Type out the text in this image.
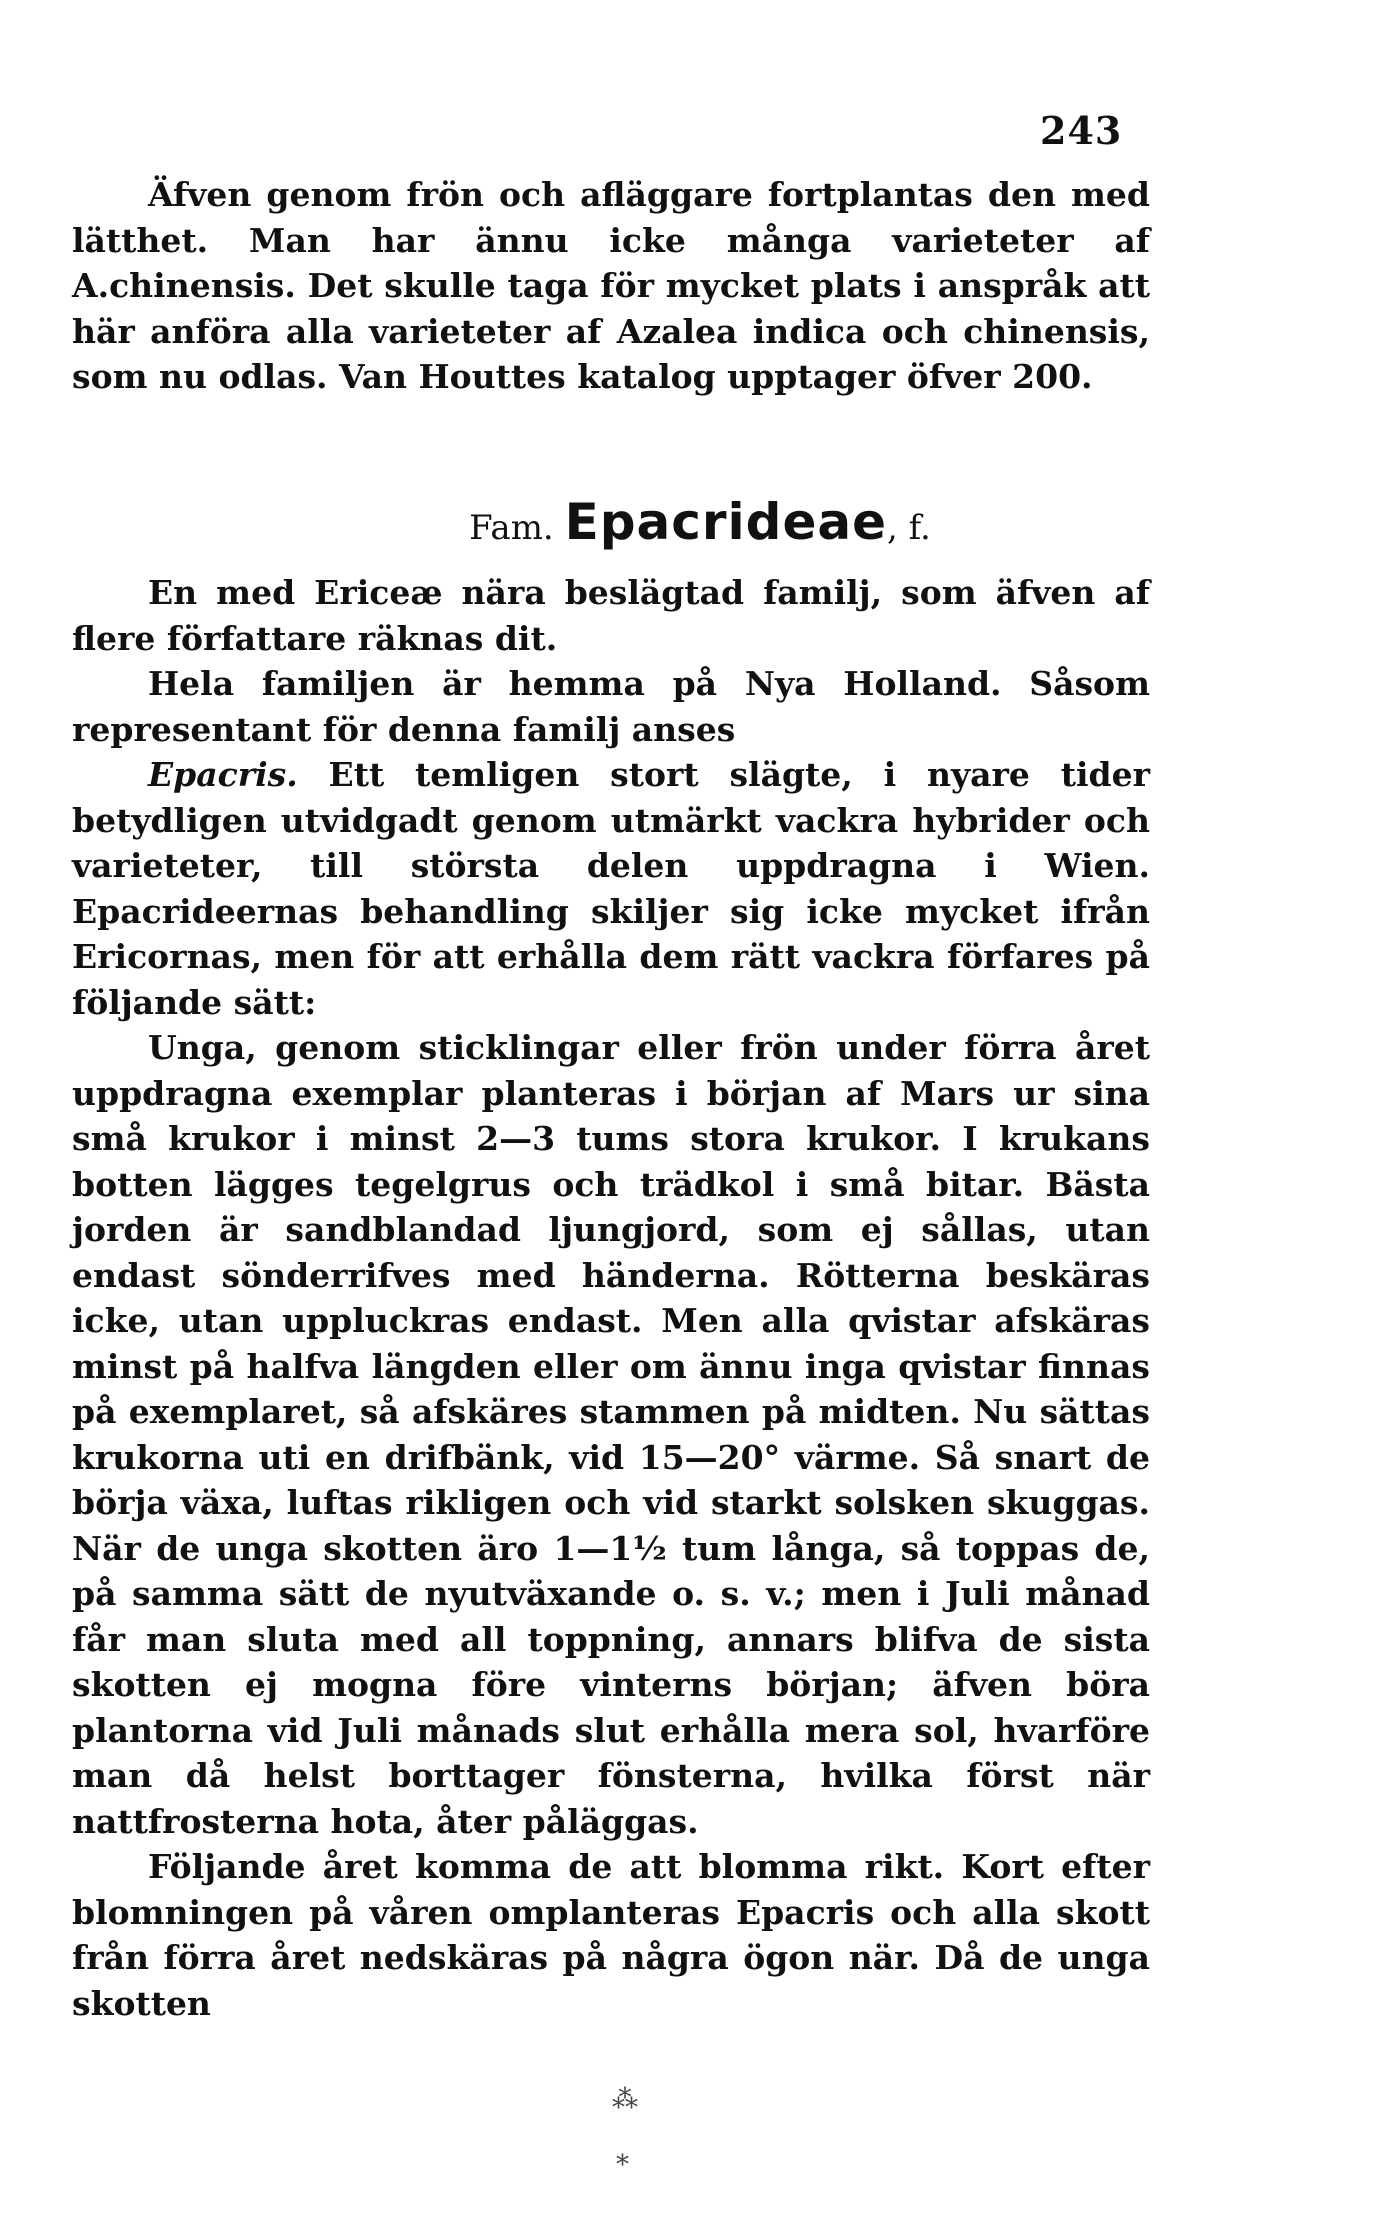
243

Äfven genom frön och afläggare fortplantas den med lätthet. Man har ännu icke många varieteter af A.chinensis. Det skulle taga för mycket plats i anspråk att här anföra alla varieteter af Azalea indica och chinensis, som nu odlas. Van Houttes katalog upptager öfver 200.

Fam. Epacrideae, f.

En med Ericeæ nära beslägtad familj, som äfven af flere författare räknas dit.

Hela familjen är hemma på Nya Holland. Såsom representant för denna familj anses

Epacris. Ett temligen stort slägte, i nyare tider betydligen utvidgadt genom utmärkt vackra hybrider och varieteter, till största delen uppdragna i Wien. Epacrideernas behandling skiljer sig icke mycket ifrån Ericornas, men för att erhålla dem rätt vackra förfares på följande sätt:

Unga, genom sticklingar eller frön under förra året uppdragna exemplar planteras i början af Mars ur sina små krukor i minst 2—3 tums stora krukor. I krukans botten lägges tegelgrus och trädkol i små bitar. Bästa jorden är sandblandad ljungjord, som ej sållas, utan endast sönderrifves med händerna. Rötterna beskäras icke, utan uppluckras endast. Men alla qvistar afskäras minst på halfva längden eller om ännu inga qvistar finnas på exemplaret, så afskäres stammen på midten. Nu sättas krukorna uti en drifbänk, vid 15—20° värme. Så snart de börja växa, luftas rikligen och vid starkt solsken skuggas. När de unga skotten äro 1—1½ tum långa, så toppas de, på samma sätt de nyutväxande o. s. v.; men i Juli månad får man sluta med all toppning, annars blifva de sista skotten ej mogna före vinterns början; äfven böra plantorna vid Juli månads slut erhålla mera sol, hvarföre man då helst borttager fönsterna, hvilka först när nattfrosterna hota, åter påläggas.

Följande året komma de att blomma rikt. Kort efter blomningen på våren omplanteras Epacris och alla skott från förra året nedskäras på några ögon när. Då de unga skotten

⁂
*
